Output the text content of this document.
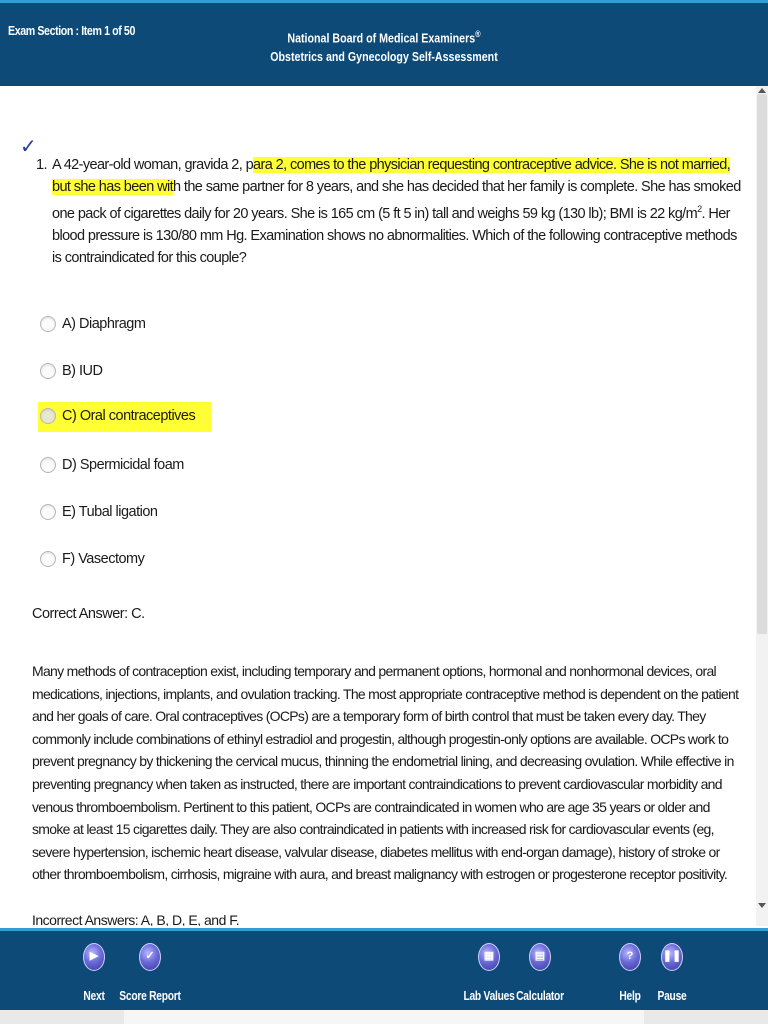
Exam Section : Item 1 of 50	National Board of Medical Examiners®
Obstetrics and Gynecology Self-Assessment
✓
1. A 42-year-old woman, gravida 2, para 2, comes to the physician requesting contraceptive advice. She is not married, but she has been with the same partner for 8 years, and she has decided that her family is complete. She has smoked one pack of cigarettes daily for 20 years. She is 165 cm (5 ft 5 in) tall and weighs 59 kg (130 lb); BMI is 22 $kg/m^2$. Her blood pressure is 130/80 mm Hg. Examination shows no abnormalities. Which of the following contraceptive methods is contraindicated for this couple?
A) Diaphragm
B) IUD
C) Oral contraceptives
D) Spermicidal foam
E) Tubal ligation
F) Vasectomy
Correct Answer: C.
Many methods of contraception exist, including temporary and permanent options, hormonal and nonhormonal devices, oral medications, injections, implants, and ovulation tracking. The most appropriate contraceptive method is dependent on the patient and her goals of care. Oral contraceptives (OCPs) are a temporary form of birth control that must be taken every day. They commonly include combinations of ethinyl estradiol and progestin, although progestin-only options are available. OCPs work to prevent pregnancy by thickening the cervical mucus, thinning the endometrial lining, and decreasing ovulation. While effective in preventing pregnancy when taken as instructed, there are important contraindications to prevent cardiovascular morbidity and venous thromboembolism. Pertinent to this patient, OCPs are contraindicated in women who are age 35 years or older and smoke at least 15 cigarettes daily. They are also contraindicated in patients with increased risk for cardiovascular events (eg, severe hypertension, ischemic heart disease, valvular disease, diabetes mellitus with end-organ damage), history of stroke or other thromboembolism, cirrhosis, migraine with aura, and breast malignancy with estrogen or progesterone receptor positivity.
Incorrect Answers: A, B, D, E, and F.
▶
Next
✓
Score Report
▦
Lab Values
▤
Calculator
?
Help
❚❚
Pause
